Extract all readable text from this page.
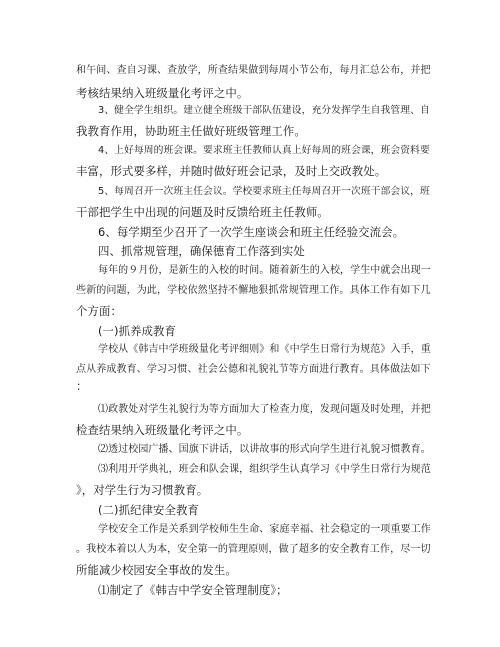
和午间、查自习课、查放学，所查结果做到每周小节公布，每月汇总公布，并把
考核结果纳入班级量化考评之中。
3、健全学生组织。建立健全班级干部队伍建设，充分发挥学生自我管理、自
我教育作用，协助班主任做好班级管理工作。
4、上好每周的班会课。要求班主任教师认真上好每周的班会课，班会资料要
丰富，形式要多样，并随时做好班会记录，及时上交政教处。
5、每周召开一次班主任会议。学校要求班主任每周召开一次班干部会议，班
干部把学生中出现的问题及时反馈给班主任教师。
6、每学期至少召开了一次学生座谈会和班主任经验交流会。
四、抓常规管理，确保德育工作落到实处
每年的９月份，是新生的入校的时间。随着新生的入校，学生中就会出现一
些新的问题，为此，学校依然坚持不懈地狠抓常规管理工作。具体工作有如下几
个方面：
(一)抓养成教育
学校从《韩吉中学班级量化考评细则》和《中学生日常行为规范》入手，重
点从养成教育、学习习惯、社会公德和礼貌礼节等方面进行教育。具体做法如下
：
⑴政教处对学生礼貌行为等方面加大了检查力度，发现问题及时处理，并把
检查结果纳入班级量化考评之中。
⑵透过校园广播、国旗下讲话，以讲故事的形式向学生进行礼貌习惯教育。
⑶利用开学典礼，班会和队会课，组织学生认真学习《中学生日常行为规范
》，对学生行为习惯教育。
(二)抓纪律安全教育
学校安全工作是关系到学校师生生命、家庭幸福、社会稳定的一项重要工作
。我校本着以人为本，安全第一的管理原则，做了超多的安全教育工作，尽一切
所能减少校园安全事故的发生。
⑴制定了《韩吉中学安全管理制度》；
